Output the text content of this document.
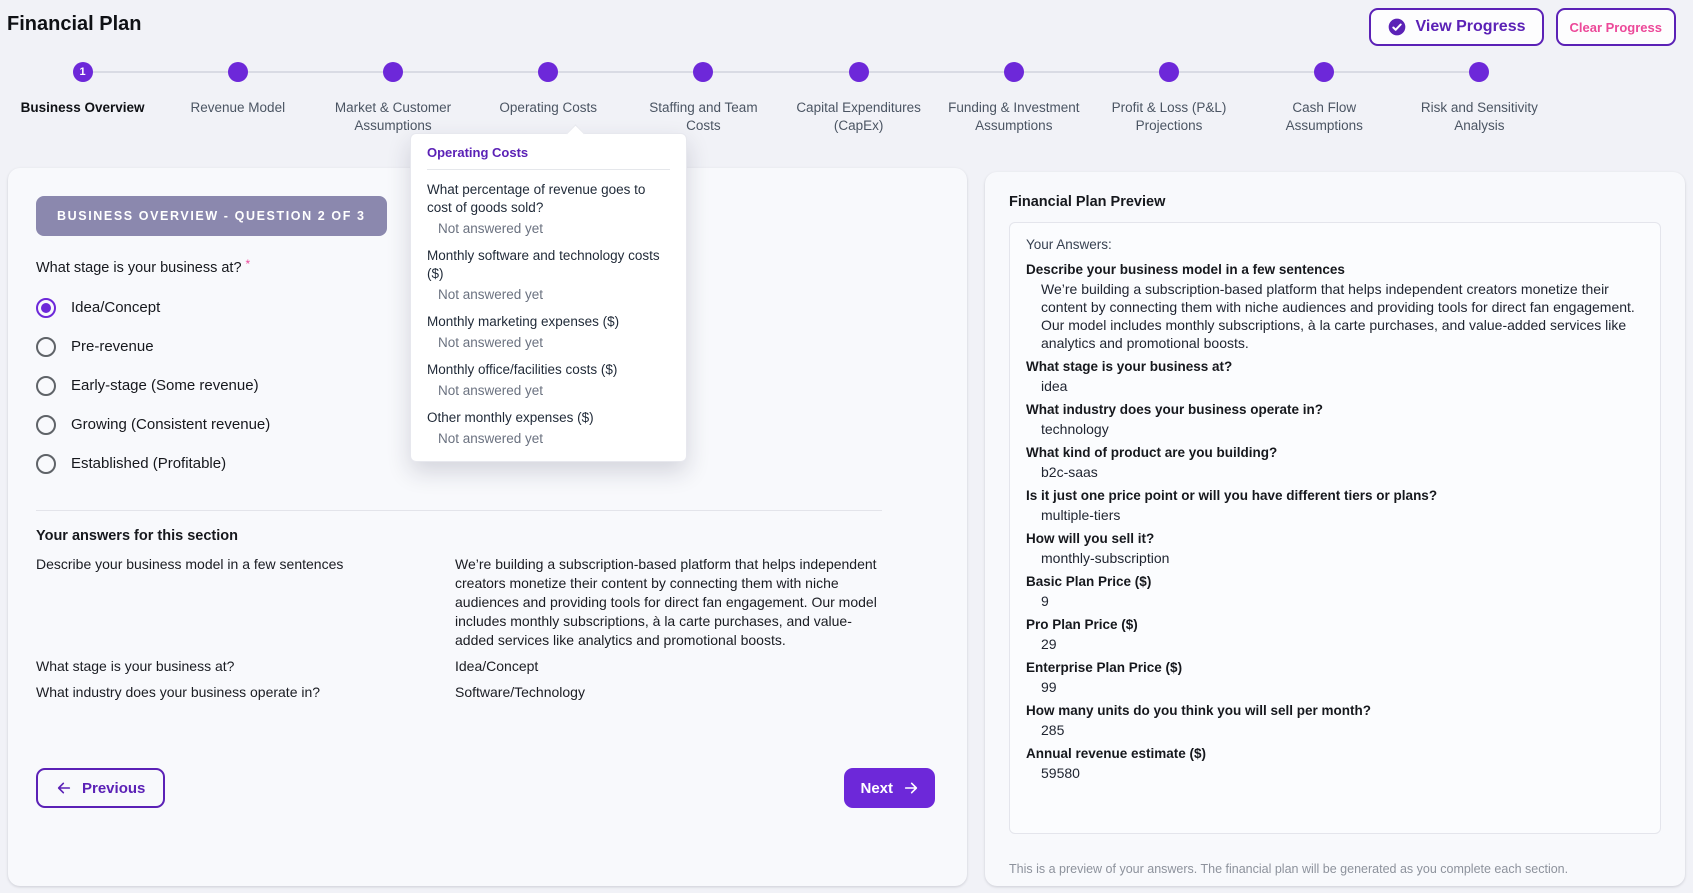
Financial Plan	View Progress	Clear Progress
1
Business Overview	Revenue Model	Market & Customer Assumptions
Operating Costs	Staffing and Team Costs
Capital Expenditures (CapEx)
Funding & Investment Assumptions
Profit & Loss (P&L) Projections
Cash Flow Assumptions
Risk and Sensitivity Analysis
BUSINESS OVERVIEW - QUESTION 2 OF 3
What stage is your business at? *
Idea/Concept
Pre-revenue
Early-stage (Some revenue)
Growing (Consistent revenue)
Established (Profitable)
Your answers for this section
Describe your business model in a few sentences	We’re building a subscription-based platform that helps independent creators monetize their content by connecting them with niche audiences and providing tools for direct fan engagement. Our model includes monthly subscriptions, à la carte purchases, and value-added services like analytics and promotional boosts.
What stage is your business at?	Idea/Concept
What industry does your business operate in?	Software/Technology
Previous	Next
Operating Costs
What percentage of revenue goes to cost of goods sold?
Not answered yet
Monthly software and technology costs ($)
Not answered yet
Monthly marketing expenses ($)
Not answered yet
Monthly office/facilities costs ($)
Not answered yet
Other monthly expenses ($)
Not answered yet
Financial Plan Preview
Your Answers:
Describe your business model in a few sentences
We’re building a subscription-based platform that helps independent creators monetize their content by connecting them with niche audiences and providing tools for direct fan engagement. Our model includes monthly subscriptions, à la carte purchases, and value-added services like analytics and promotional boosts.
What stage is your business at?
idea
What industry does your business operate in?
technology
What kind of product are you building?
b2c-saas
Is it just one price point or will you have different tiers or plans?
multiple-tiers
How will you sell it?
monthly-subscription
Basic Plan Price ($)
9
Pro Plan Price ($)
29
Enterprise Plan Price ($)
99
How many units do you think you will sell per month?
285
Annual revenue estimate ($)
59580
This is a preview of your answers. The financial plan will be generated as you complete each section.
